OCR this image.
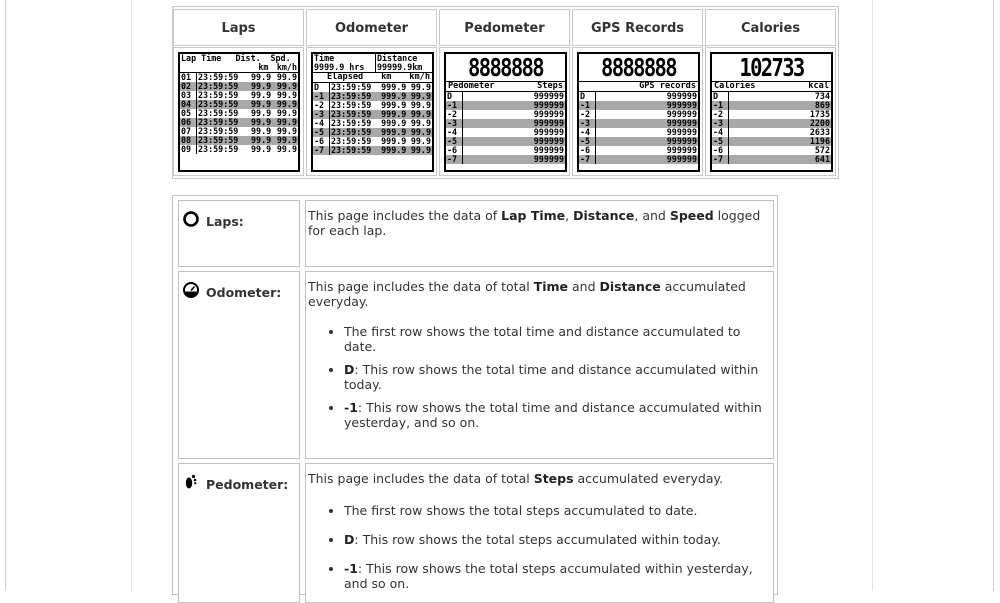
Laps
Lap Time	Dist.	Spd.
	km	km/h
01	23:59:59	99.9	99.9
02	23:59:59	99.9	99.9
03	23:59:59	99.9	99.9
04	23:59:59	99.9	99.9
05	23:59:59	99.9	99.9
06	23:59:59	99.9	99.9
07	23:59:59	99.9	99.9
08	23:59:59	99.9	99.9
09	23:59:59	99.9	99.9
Odometer
Time	Distance
9999.9 hrs	99999.9km
Elapsed km km/h
D	23:59:59	999.9	99.9
-1	23:59:59	999.9	99.9
-2	23:59:59	999.9	99.9
-3	23:59:59	999.9	99.9
-4	23:59:59	999.9	99.9
-5	23:59:59	999.9	99.9
-6	23:59:59	999.9	99.9
-7	23:59:59	999.9	99.9
Pedometer
8888888
Pedometer	Steps
D	999999
-1	999999
-2	999999
-3	999999
-4	999999
-5	999999
-6	999999
-7	999999
GPS Records
8888888
GPS records
D	999999
-1	999999
-2	999999
-3	999999
-4	999999
-5	999999
-6	999999
-7	999999
Calories
102733
Calories	kcal
D	734
-1	869
-2	1735
-3	2200
-4	2633
-5	1196
-6	572
-7	641
Laps:	This page includes the data of Lap Time, Distance, and Speed logged for each lap.
Odometer: This page includes the data of total Time and Distance accumulated everyday.
• The first row shows the total time and distance accumulated to date.
• D: This row shows the total time and distance accumulated within today.
• -1: This row shows the total time and distance accumulated within yesterday, and so on.
Pedometer: This page includes the data of total Steps accumulated everyday.
• The first row shows the total steps accumulated to date.
• D: This row shows the total steps accumulated within today.
• -1: This row shows the total steps accumulated within yesterday, and so on.
